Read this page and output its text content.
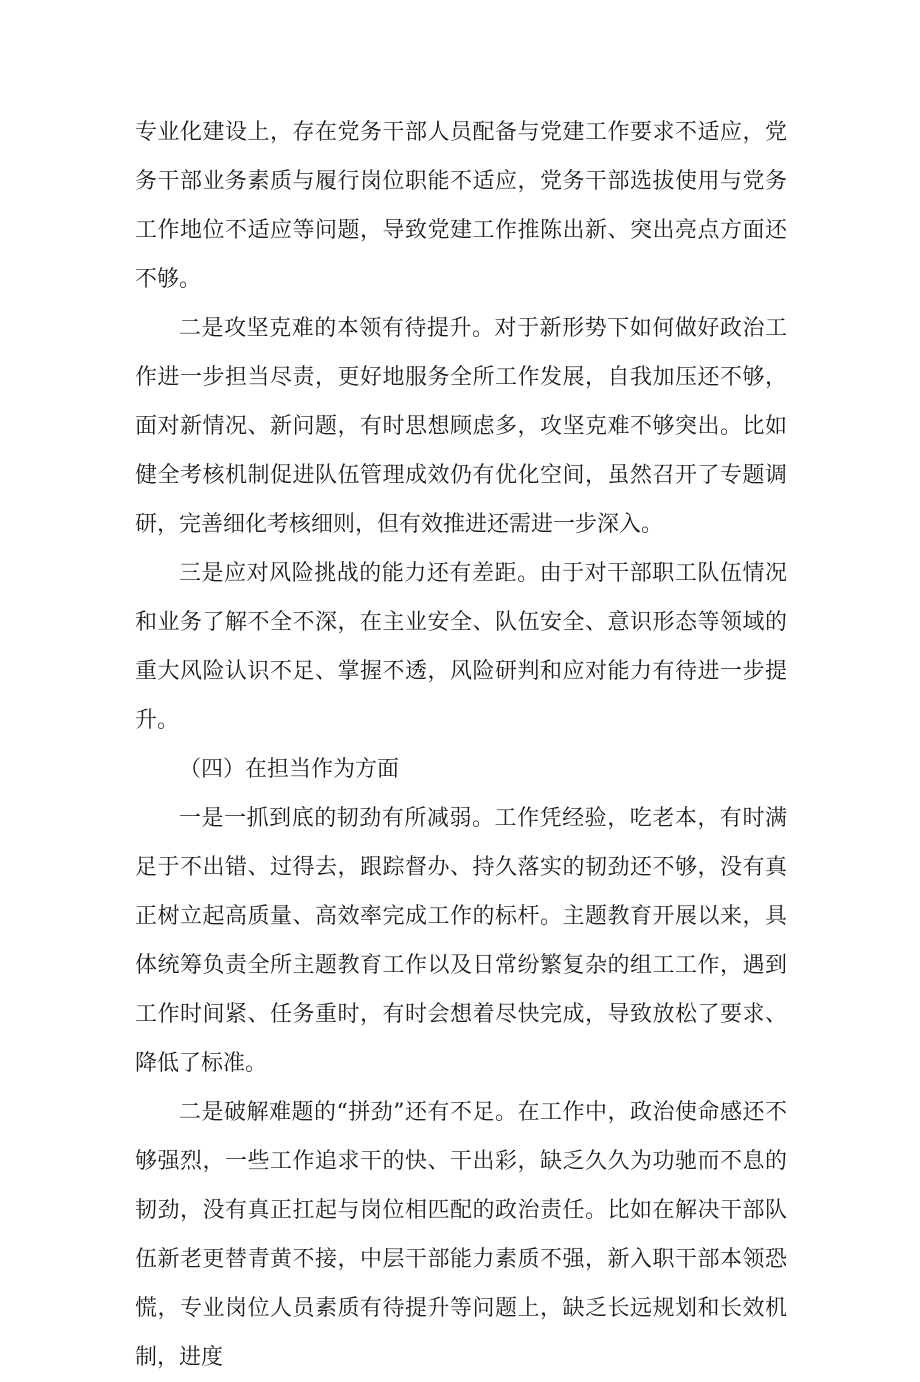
专业化建设上，存在党务干部人员配备与党建工作要求不适应，党务干部业务素质与履行岗位职能不适应，党务干部选拔使用与党务工作地位不适应等问题，导致党建工作推陈出新、突出亮点方面还不够。

二是攻坚克难的本领有待提升。对于新形势下如何做好政治工作进一步担当尽责，更好地服务全所工作发展，自我加压还不够，面对新情况、新问题，有时思想顾虑多，攻坚克难不够突出。比如健全考核机制促进队伍管理成效仍有优化空间，虽然召开了专题调研，完善细化考核细则，但有效推进还需进一步深入。

三是应对风险挑战的能力还有差距。由于对干部职工队伍情况和业务了解不全不深，在主业安全、队伍安全、意识形态等领域的重大风险认识不足、掌握不透，风险研判和应对能力有待进一步提升。

（四）在担当作为方面

一是一抓到底的韧劲有所减弱。工作凭经验，吃老本，有时满足于不出错、过得去，跟踪督办、持久落实的韧劲还不够，没有真正树立起高质量、高效率完成工作的标杆。主题教育开展以来，具体统筹负责全所主题教育工作以及日常纷繁复杂的组工工作，遇到工作时间紧、任务重时，有时会想着尽快完成，导致放松了要求、降低了标准。

二是破解难题的“拼劲”还有不足。在工作中，政治使命感还不够强烈，一些工作追求干的快、干出彩，缺乏久久为功驰而不息的韧劲，没有真正扛起与岗位相匹配的政治责任。比如在解决干部队伍新老更替青黄不接，中层干部能力素质不强，新入职干部本领恐慌，专业岗位人员素质有待提升等问题上，缺乏长远规划和长效机制，进度
